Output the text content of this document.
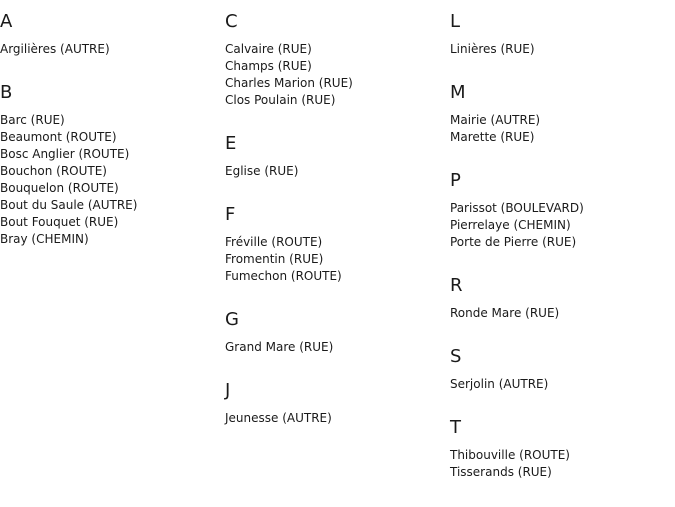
A
Argilières (AUTRE)
B
Barc (RUE)
Beaumont (ROUTE)
Bosc Anglier (ROUTE)
Bouchon (ROUTE)
Bouquelon (ROUTE)
Bout du Saule (AUTRE)
Bout Fouquet (RUE)
Bray (CHEMIN)
C
Calvaire (RUE)
Champs (RUE)
Charles Marion (RUE)
Clos Poulain (RUE)
E
Eglise (RUE)
F
Fréville (ROUTE)
Fromentin (RUE)
Fumechon (ROUTE)
G
Grand Mare (RUE)
J
Jeunesse (AUTRE)
L
Linières (RUE)
M
Mairie (AUTRE)
Marette (RUE)
P
Parissot (BOULEVARD)
Pierrelaye (CHEMIN)
Porte de Pierre (RUE)
R
Ronde Mare (RUE)
S
Serjolin (AUTRE)
T
Thibouville (ROUTE)
Tisserands (RUE)
